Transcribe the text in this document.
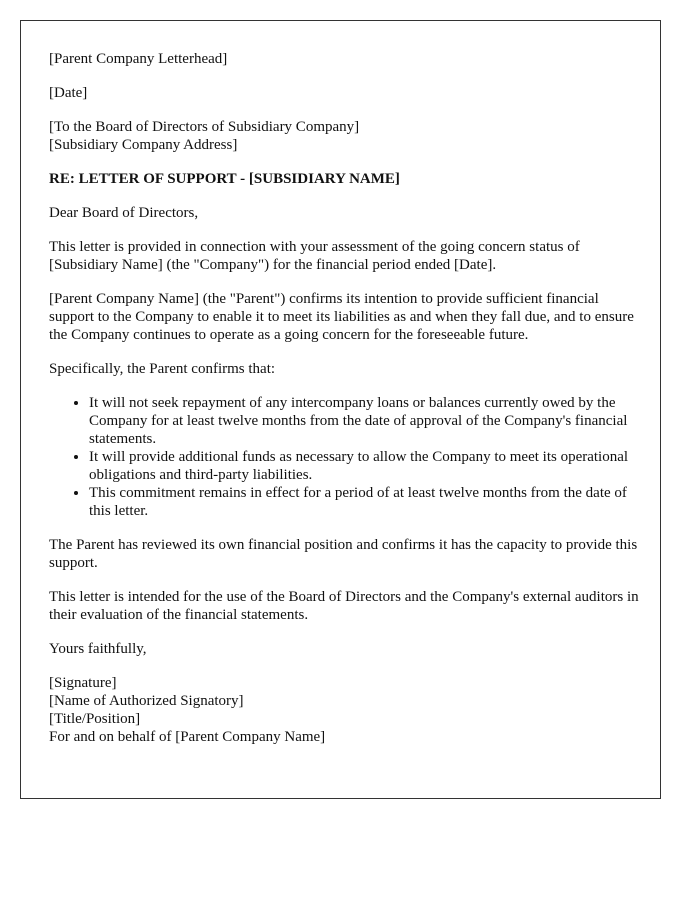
[Parent Company Letterhead]

[Date]

[To the Board of Directors of Subsidiary Company]
[Subsidiary Company Address]

RE: LETTER OF SUPPORT - [SUBSIDIARY NAME]

Dear Board of Directors,

This letter is provided in connection with your assessment of the going concern status of [Subsidiary Name] (the "Company") for the financial period ended [Date].

[Parent Company Name] (the "Parent") confirms its intention to provide sufficient financial support to the Company to enable it to meet its liabilities as and when they fall due, and to ensure the Company continues to operate as a going concern for the foreseeable future.

Specifically, the Parent confirms that:

• It will not seek repayment of any intercompany loans or balances currently owed by the Company for at least twelve months from the date of approval of the Company's financial statements.
• It will provide additional funds as necessary to allow the Company to meet its operational obligations and third-party liabilities.
• This commitment remains in effect for a period of at least twelve months from the date of this letter.

The Parent has reviewed its own financial position and confirms it has the capacity to provide this support.

This letter is intended for the use of the Board of Directors and the Company's external auditors in their evaluation of the financial statements.

Yours faithfully,

[Signature]
[Name of Authorized Signatory]
[Title/Position]
For and on behalf of [Parent Company Name]
